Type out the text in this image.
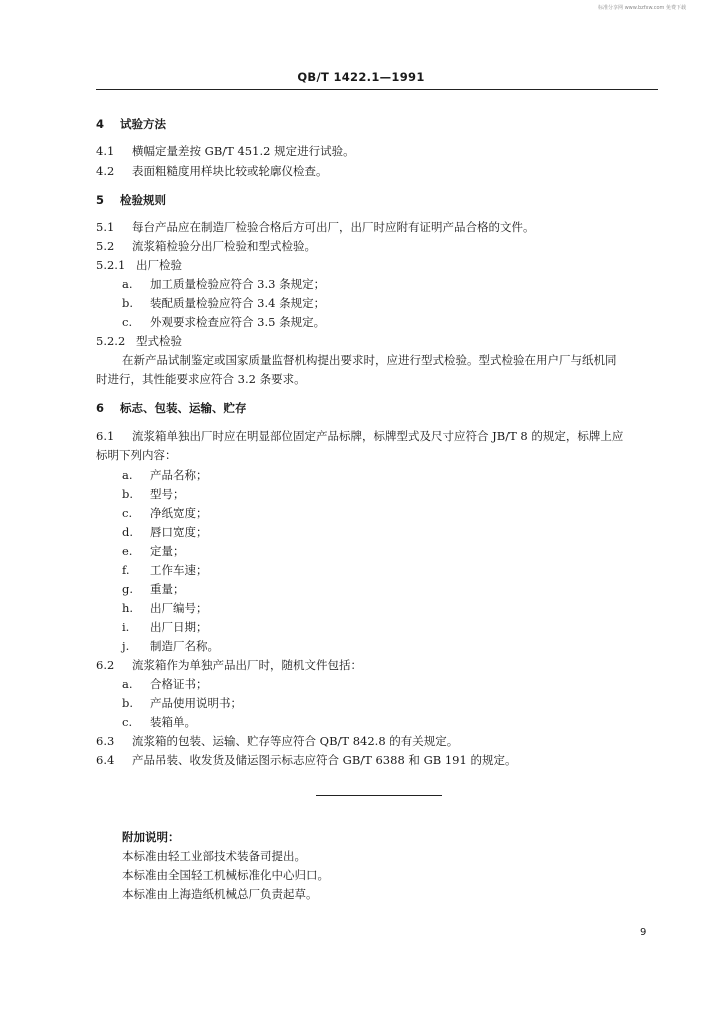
标准分享网 www.bzfxw.com 免费下载
QB/T 1422.1—1991
4 试验方法
4.1 横幅定量差按 GB/T 451.2 规定进行试验。
4.2 表面粗糙度用样块比较或轮廓仪检查。
5 检验规则
5.1 每台产品应在制造厂检验合格后方可出厂，出厂时应附有证明产品合格的文件。
5.2 流浆箱检验分出厂检验和型式检验。
5.2.1 出厂检验
a. 加工质量检验应符合 3.3 条规定；
b. 装配质量检验应符合 3.4 条规定；
c. 外观要求检查应符合 3.5 条规定。
5.2.2 型式检验
在新产品试制鉴定或国家质量监督机构提出要求时，应进行型式检验。型式检验在用户厂与纸机同
时进行，其性能要求应符合 3.2 条要求。
6 标志、包装、运输、贮存
6.1 流浆箱单独出厂时应在明显部位固定产品标牌，标牌型式及尺寸应符合 JB/T 8 的规定，标牌上应
标明下列内容：
a. 产品名称；
b. 型号；
c. 净纸宽度；
d. 唇口宽度；
e. 定量；
f. 工作车速；
g. 重量；
h. 出厂编号；
i. 出厂日期；
j. 制造厂名称。
6.2 流浆箱作为单独产品出厂时，随机文件包括：
a. 合格证书；
b. 产品使用说明书；
c. 装箱单。
6.3 流浆箱的包装、运输、贮存等应符合 QB/T 842.8 的有关规定。
6.4 产品吊装、收发货及储运图示标志应符合 GB/T 6388 和 GB 191 的规定。
附加说明：
本标准由轻工业部技术装备司提出。
本标准由全国轻工机械标准化中心归口。
本标准由上海造纸机械总厂负责起草。
9
